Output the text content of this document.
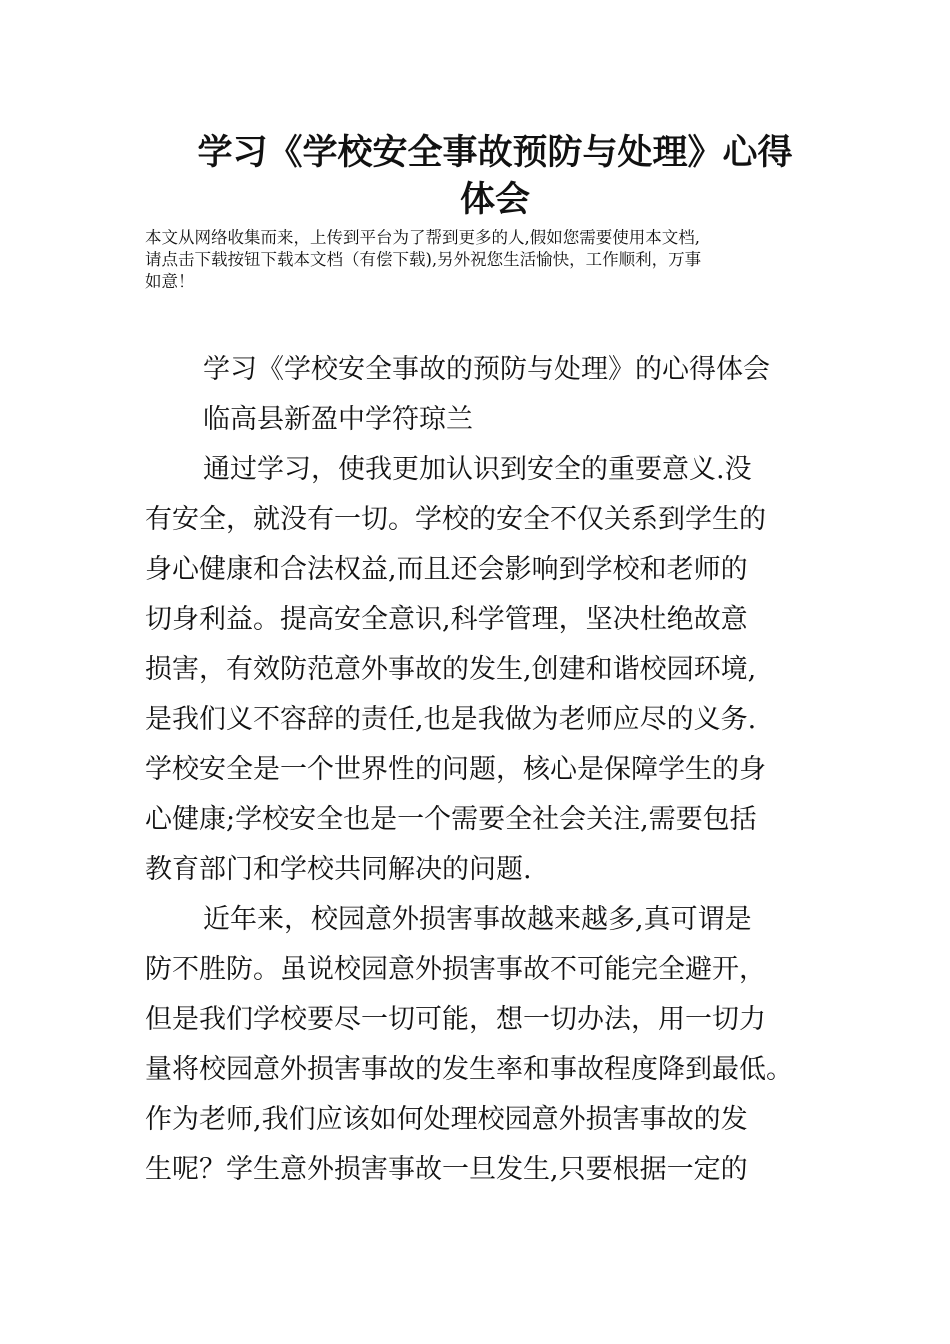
学习《学校安全事故预防与处理》心得
体会

本文从网络收集而来，上传到平台为了帮到更多的人,假如您需要使用本文档,
请点击下载按钮下载本文档（有偿下载),另外祝您生活愉快，工作顺利，万事
如意！

学习《学校安全事故的预防与处理》的心得体会
临高县新盈中学符琼兰
通过学习，使我更加认识到安全的重要意义.没
有安全，就没有一切。学校的安全不仅关系到学生的
身心健康和合法权益,而且还会影响到学校和老师的
切身利益。提高安全意识,科学管理，坚决杜绝故意
损害，有效防范意外事故的发生,创建和谐校园环境,
是我们义不容辞的责任,也是我做为老师应尽的义务.
学校安全是一个世界性的问题，核心是保障学生的身
心健康;学校安全也是一个需要全社会关注,需要包括
教育部门和学校共同解决的问题.
近年来，校园意外损害事故越来越多,真可谓是
防不胜防。虽说校园意外损害事故不可能完全避开，
但是我们学校要尽一切可能，想一切办法，用一切力
量将校园意外损害事故的发生率和事故程度降到最低。
作为老师,我们应该如何处理校园意外损害事故的发
生呢？学生意外损害事故一旦发生,只要根据一定的
